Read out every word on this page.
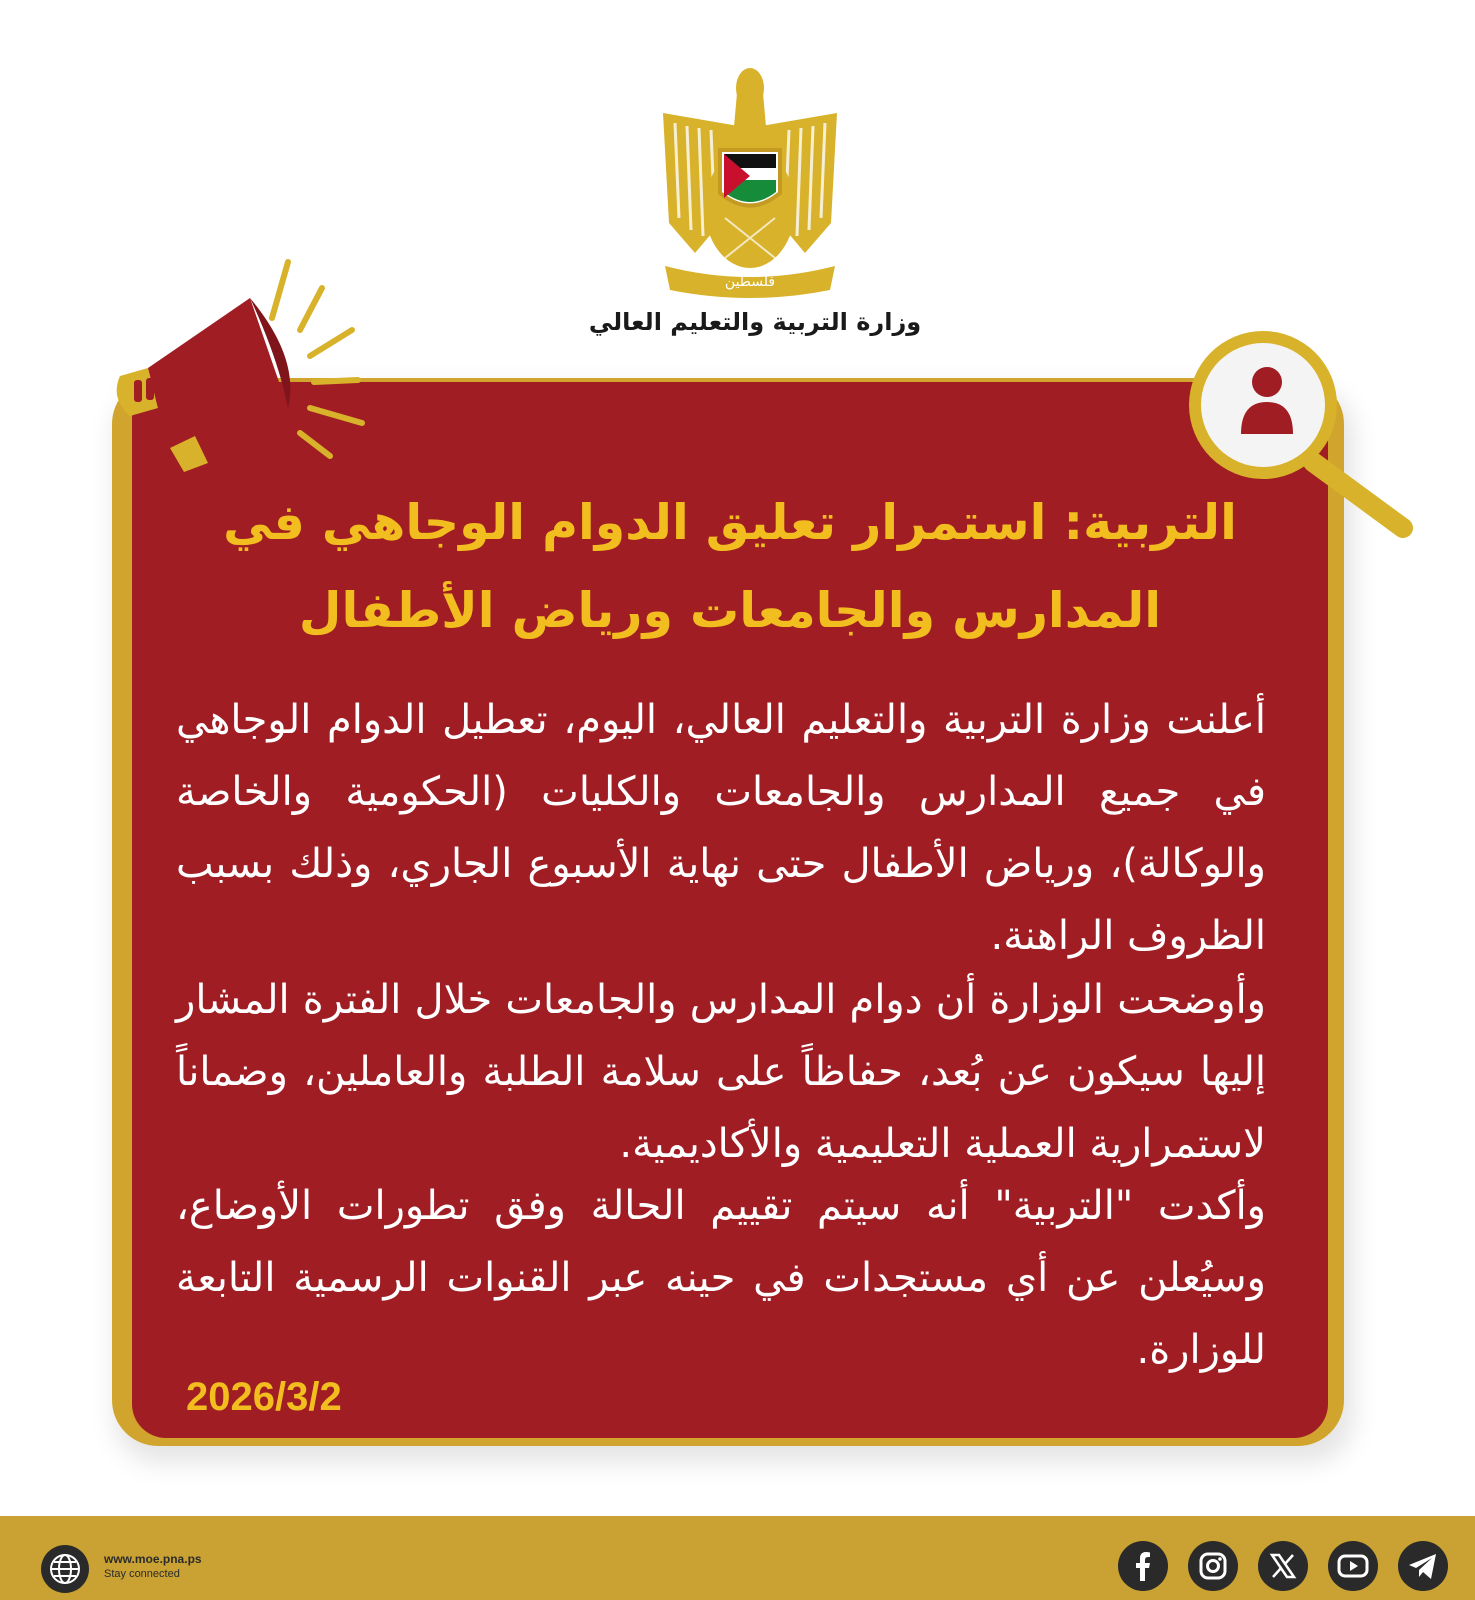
فلسطين
وزارة التربية والتعليم العالي
التربية: استمرار تعليق الدوام الوجاهي في
المدارس والجامعات ورياض الأطفال

أعلنت وزارة التربية والتعليم العالي، اليوم، تعطيل الدوام الوجاهي في جميع المدارس والجامعات والكليات (الحكومية والخاصة والوكالة)، ورياض الأطفال حتى نهاية الأسبوع الجاري، وذلك بسبب الظروف الراهنة.

وأوضحت الوزارة أن دوام المدارس والجامعات خلال الفترة المشار إليها سيكون عن بُعد، حفاظاً على سلامة الطلبة والعاملين، وضماناً لاستمرارية العملية التعليمية والأكاديمية.

وأكدت "التربية" أنه سيتم تقييم الحالة وفق تطورات الأوضاع، وسيُعلن عن أي مستجدات في حينه عبر القنوات الرسمية التابعة للوزارة.

2026/3/2
www.moe.pna.ps
Stay connected
